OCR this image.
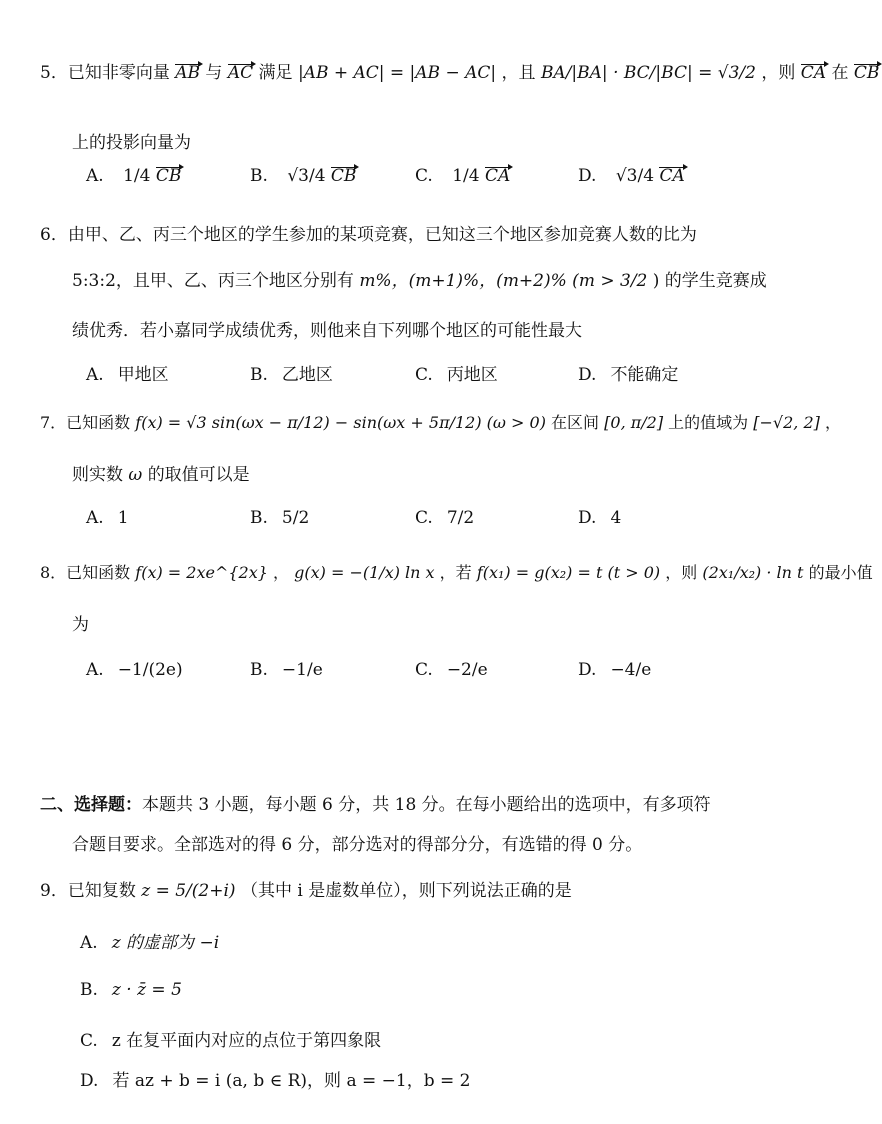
5．已知非零向量 AB 与 AC 满足 |AB + AC| = |AB − AC| ，且 BA/|BA| · BC/|BC| = √3/2 ，则 CA 在 CB
上的投影向量为
A. 1/4 CB	B. √3/4 CB	C. 1/4 CA	D. √3/4 CA
6．由甲、乙、丙三个地区的学生参加的某项竞赛，已知这三个地区参加竞赛人数的比为
5:3:2，且甲、乙、丙三个地区分别有 m%，(m+1)%，(m+2)% (m > 3/2 ) 的学生竞赛成
绩优秀．若小嘉同学成绩优秀，则他来自下列哪个地区的可能性最大
A. 甲地区	B. 乙地区	C. 丙地区	D. 不能确定
7．已知函数 f(x) = √3 sin(ωx − π/12) − sin(ωx + 5π/12) (ω > 0) 在区间 [0, π/2] 上的值域为 [−√2, 2] ，
则实数 ω 的取值可以是
A. 1	B. 5/2	C. 7/2	D. 4
8．已知函数 f(x) = 2xe^{2x} ， g(x) = −(1/x) ln x ，若 f(x₁) = g(x₂) = t (t > 0) ，则 (2x₁/x₂) · ln t 的最小值
为
A. −1/(2e)	B. −1/e	C. −2/e	D. −4/e
二、选择题：本题共 3 小题，每小题 6 分，共 18 分。在每小题给出的选项中，有多项符
合题目要求。全部选对的得 6 分，部分选对的得部分分，有选错的得 0 分。
9．已知复数 z = 5/(2+i) （其中 i 是虚数单位），则下列说法正确的是
A. z 的虚部为 −i
B. z · z̄ = 5
C. z 在复平面内对应的点位于第四象限
D. 若 az + b = i (a, b ∈ R)，则 a = −1，b = 2
